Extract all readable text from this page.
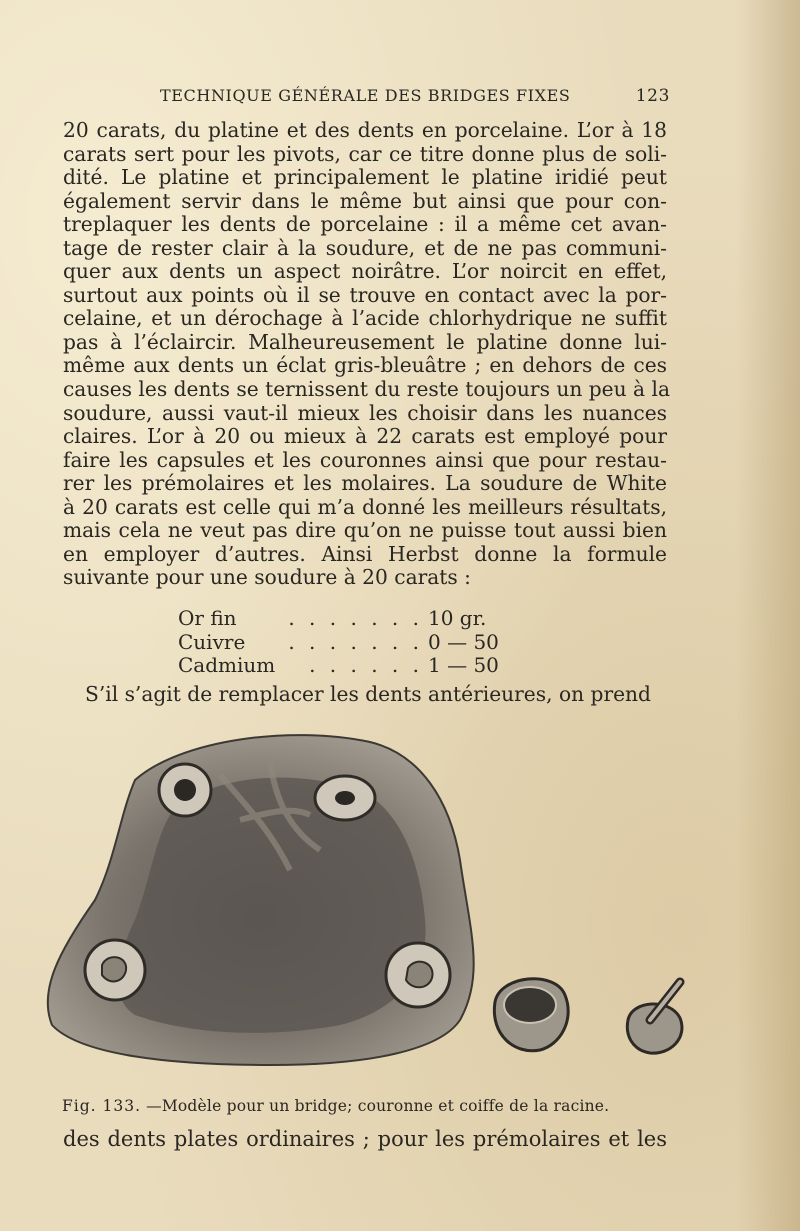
TECHNIQUE GÉNÉRALE DES BRIDGES FIXES	123
20 carats, du platine et des dents en porcelaine. L’or à 18
carats sert pour les pivots, car ce titre donne plus de soli-
dité. Le platine et principalement le platine iridié peut
également servir dans le même but ainsi que pour con-
treplaquer les dents de porcelaine : il a même cet avan-
tage de rester clair à la soudure, et de ne pas communi-
quer aux dents un aspect noirâtre. L’or noircit en effet,
surtout aux points où il se trouve en contact avec la por-
celaine, et un dérochage à l’acide chlorhydrique ne suffit
pas à l’éclaircir. Malheureusement le platine donne lui-
même aux dents un éclat gris-bleuâtre ; en dehors de ces
causes les dents se ternissent du reste toujours un peu à la
soudure, aussi vaut-il mieux les choisir dans les nuances
claires. L’or à 20 ou mieux à 22 carats est employé pour
faire les capsules et les couronnes ainsi que pour restau-
rer les prémolaires et les molaires. La soudure de White
à 20 carats est celle qui m’a donné les meilleurs résultats,
mais cela ne veut pas dire qu’on ne puisse tout aussi bien
en employer d’autres. Ainsi Herbst donne la formule
suivante pour une soudure à 20 carats :
Or fin	. . . . . . . 10 gr.
Cuivre	. . . . . . . 0 — 50
Cadmium	. . . . . . 1 — 50
S’il s’agit de remplacer les dents antérieures, on prend
Fig. 133. —Modèle pour un bridge; couronne et coiffe de la racine.
des dents plates ordinaires ; pour les prémolaires et les
